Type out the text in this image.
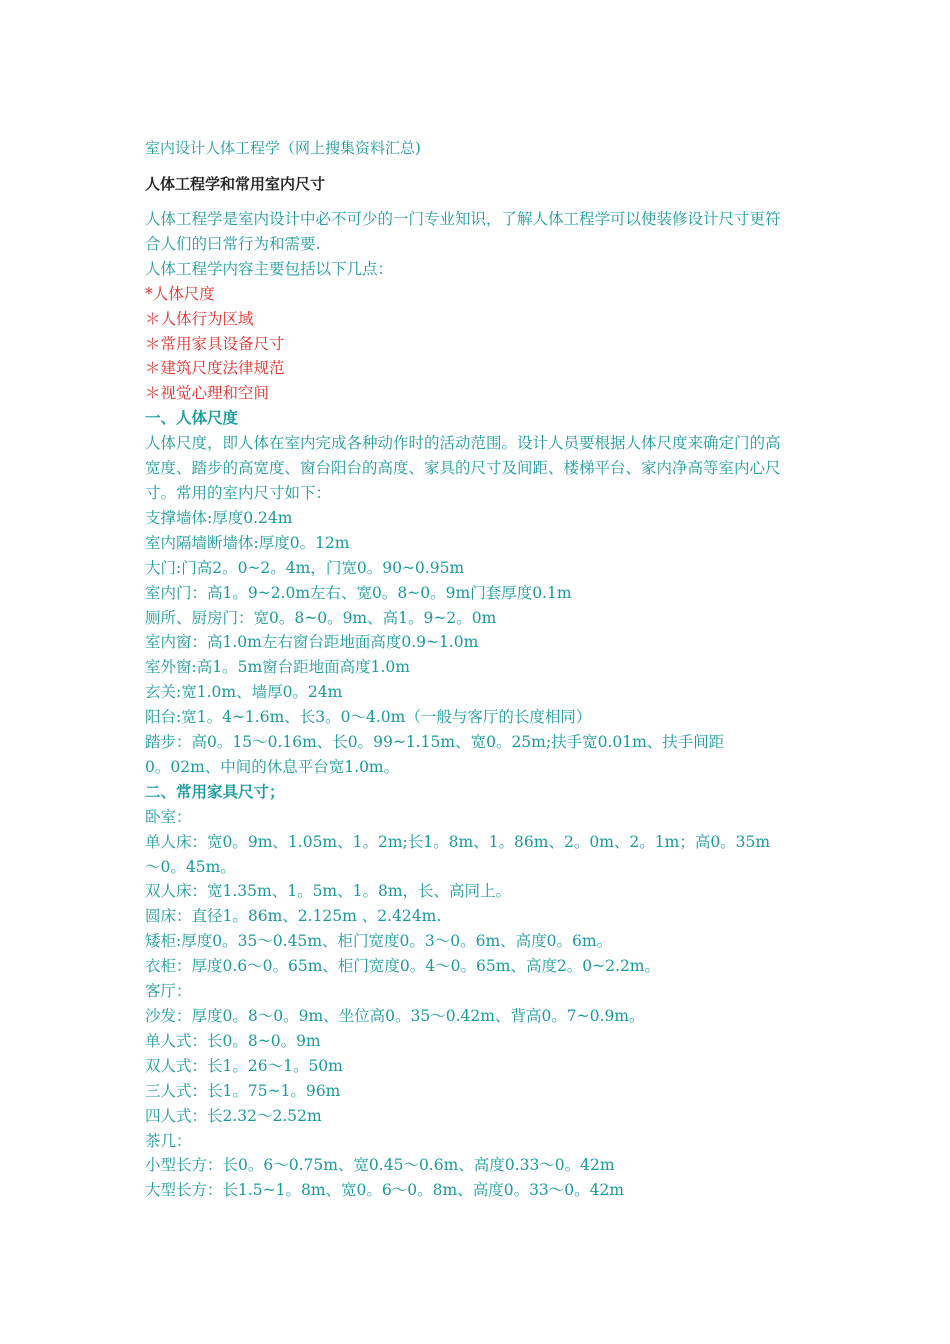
室内设计人体工程学（网上搜集资料汇总)

人体工程学和常用室内尺寸

人体工程学是室内设计中必不可少的一门专业知识，了解人体工程学可以使装修设计尺寸更符

合人们的曰常行为和需要.

人体工程学内容主要包括以下几点：

*人体尺度

＊人体行为区域

＊常用家具设备尺寸

＊建筑尺度法律规范

＊视觉心理和空间

一、人体尺度

人体尺度，即人体在室内完成各种动作时的活动范围。设计人员要根据人体尺度来确定门的高

宽度、踏步的高宽度、窗台阳台的高度、家具的尺寸及间距、楼梯平台、家内净高等室内心尺

寸。常用的室内尺寸如下：

支撑墙体:厚度0.24m

室内隔墙断墙体:厚度0。12m

大门:门高2。0~2。4m，门宽0。90~0.95m

室内门：高1。9~2.0m左右、宽0。8~0。9m门套厚度0.1m

厕所、厨房门：宽0。8~0。9m、高1。9~2。0m

室内窗：高1.0m左右窗台距地面高度0.9~1.0m

室外窗:高1。5m窗台距地面高度1.0m

玄关:宽1.0m、墙厚0。24m

阳台:宽1。4~1.6m、长3。0～4.0m（一般与客厅的长度相同）

踏步：高0。15～0.16m、长0。99~1.15m、宽0。25m;扶手宽0.01m、扶手间距

0。02m、中间的休息平台宽1.0m。

二、常用家具尺寸；

卧室：

单人床：宽0。9m、1.05m、1。2m;长1。8m、1。86m、2。0m、2。1m；高0。35m

～0。45m。

双人床：宽1.35m、1。5m、1。8m，长、高同上。

圆床：直径1。86m、2.125m 、2.424m.

矮柜:厚度0。35～0.45m、柜门宽度0。3～0。6m、高度0。6m。

衣柜：厚度0.6～0。65m、柜门宽度0。4～0。65m、高度2。0~2.2m。

客厅：

沙发：厚度0。8～0。9m、坐位高0。35～0.42m、背高0。7~0.9m。

单人式：长0。8~0。9m

双人式：长1。26～1。50m

三人式：长1。75~1。96m

四人式：长2.32～2.52m

茶几：

小型长方：长0。6～0.75m、宽0.45～0.6m、高度0.33～0。42m

大型长方：长1.5~1。8m、宽0。6～0。8m、高度0。33～0。42m
